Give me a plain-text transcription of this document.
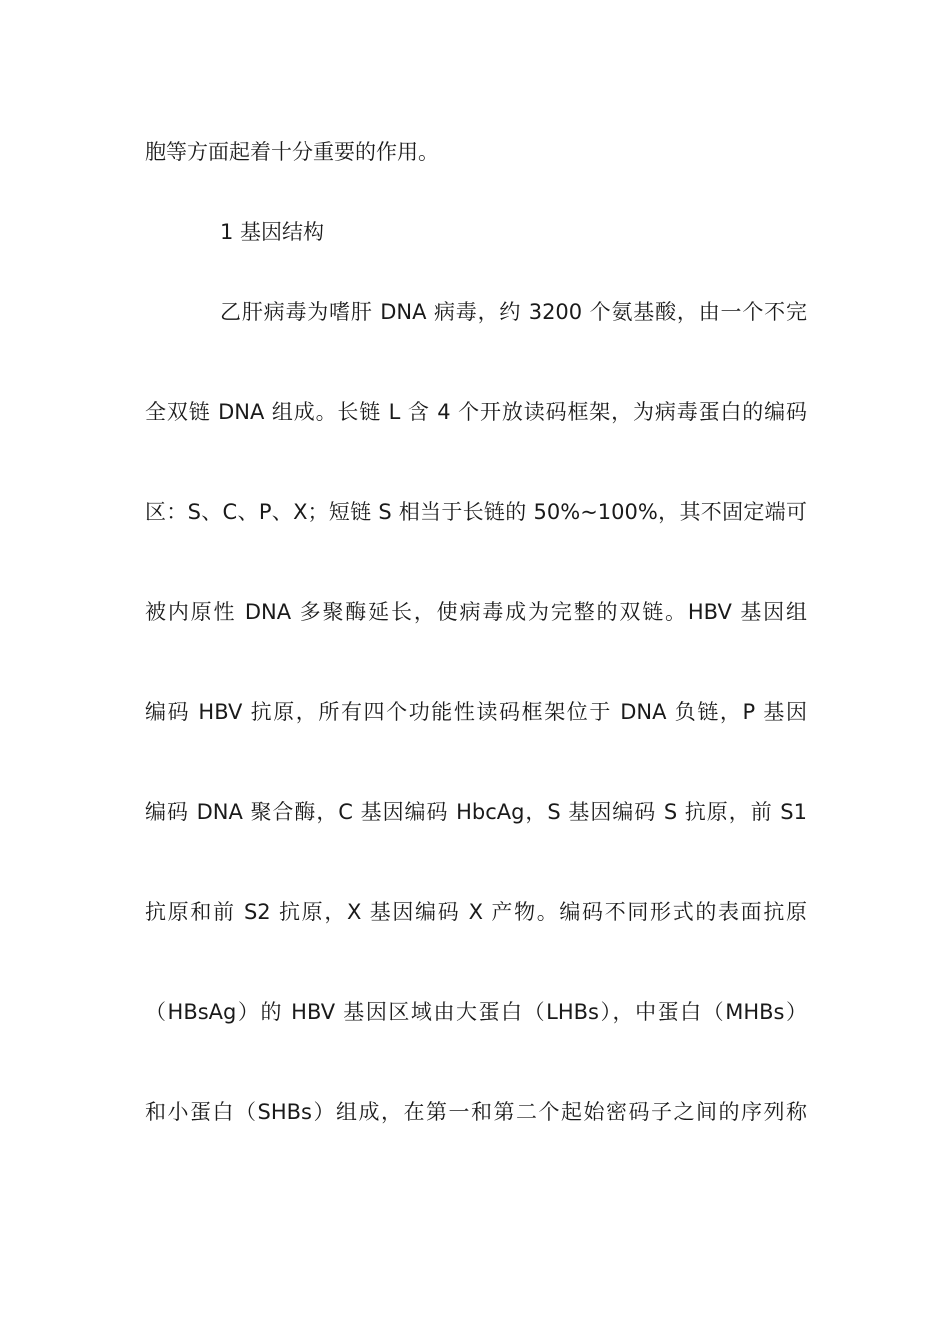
胞等方面起着十分重要的作用。
1 基因结构
乙肝病毒为嗜肝 DNA 病毒，约 3200 个氨基酸，由一个不完
全双链 DNA 组成。长链 L 含 4 个开放读码框架，为病毒蛋白的编码
区：S、C、P、X；短链 S 相当于长链的 50%~100%，其不固定端可
被内原性 DNA 多聚酶延长，使病毒成为完整的双链。HBV 基因组
编码 HBV 抗原，所有四个功能性读码框架位于 DNA 负链，P 基因
编码 DNA 聚合酶，C 基因编码 HbcAg，S 基因编码 S 抗原，前 S1
抗原和前 S2 抗原，X 基因编码 X 产物。编码不同形式的表面抗原
（HBsAg）的 HBV 基因区域由大蛋白（LHBs），中蛋白（MHBs）
和小蛋白（SHBs）组成，在第一和第二个起始密码子之间的序列称
